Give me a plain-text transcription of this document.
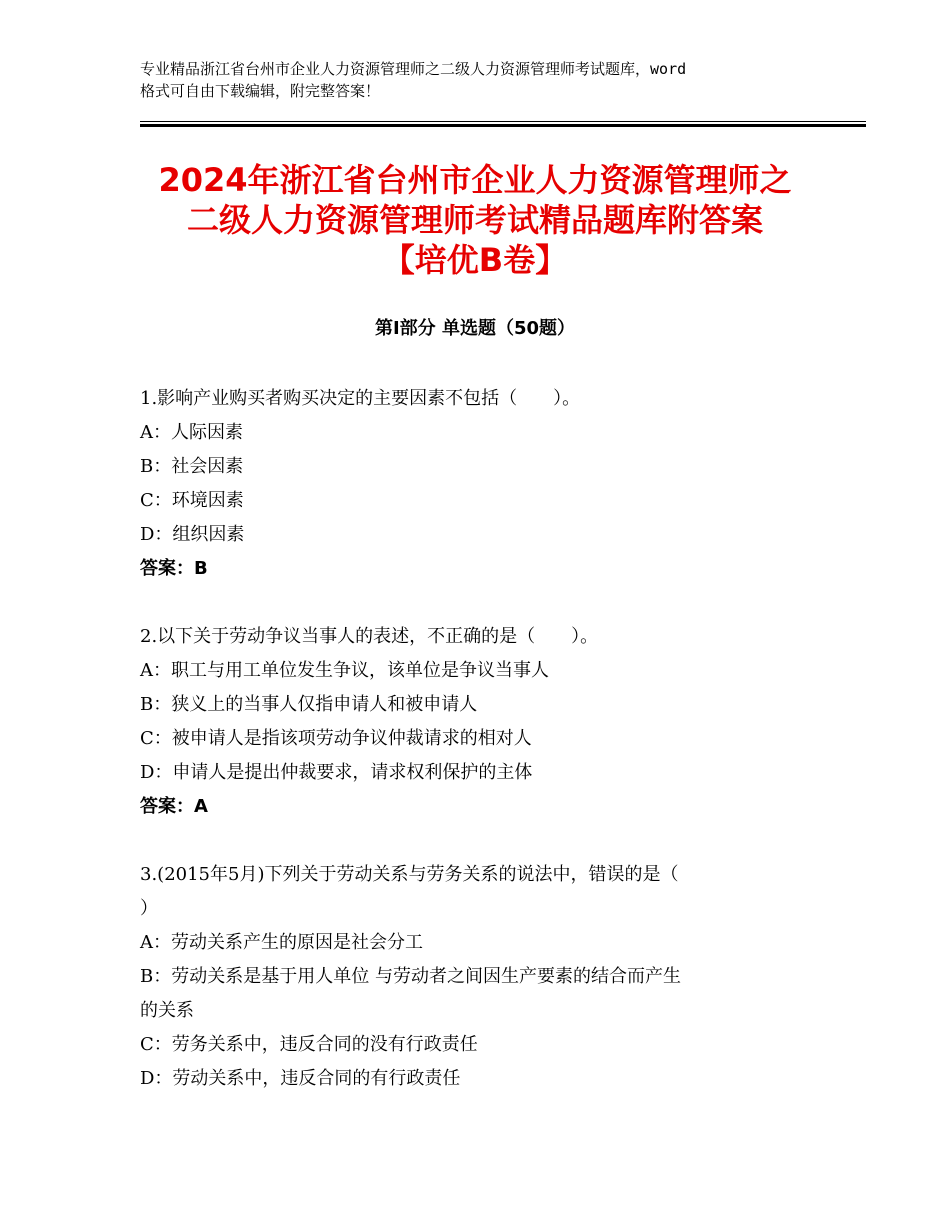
专业精品浙江省台州市企业人力资源管理师之二级人力资源管理师考试题库，word
格式可自由下载编辑，附完整答案！
2024年浙江省台州市企业人力资源管理师之
二级人力资源管理师考试精品题库附答案
【培优B卷】
第Ⅰ部分 单选题（50题）

1.影响产业购买者购买决定的主要因素不包括（　　）。

A：人际因素

B：社会因素

C：环境因素

D：组织因素

答案：B

2.以下关于劳动争议当事人的表述，不正确的是（　　）。

A：职工与用工单位发生争议，该单位是争议当事人

B：狭义上的当事人仅指申请人和被申请人

C：被申请人是指该项劳动争议仲裁请求的相对人

D：申请人是提出仲裁要求，请求权利保护的主体

答案：A

3.(2015年5月)下列关于劳动关系与劳务关系的说法中，错误的是（

）

A：劳动关系产生的原因是社会分工

B：劳动关系是基于用人单位 与劳动者之间因生产要素的结合而产生

的关系

C：劳务关系中，违反合同的没有行政责任

D：劳动关系中，违反合同的有行政责任
